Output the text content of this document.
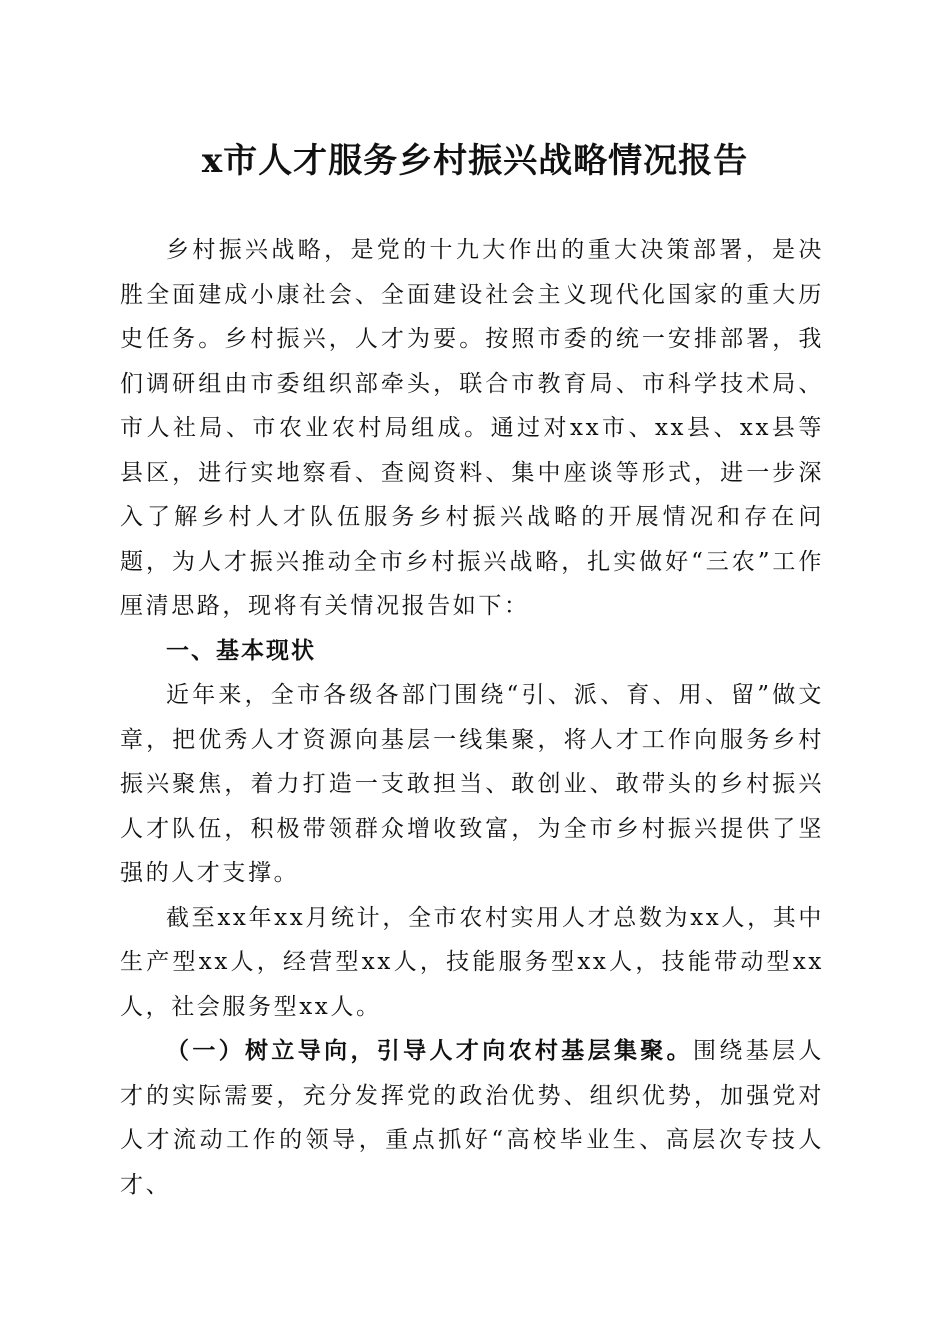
x市人才服务乡村振兴战略情况报告

乡村振兴战略，是党的十九大作出的重大决策部署，是决胜全面建成小康社会、全面建设社会主义现代化国家的重大历史任务。乡村振兴，人才为要。按照市委的统一安排部署，我们调研组由市委组织部牵头，联合市教育局、市科学技术局、市人社局、市农业农村局组成。通过对xx市、xx县、xx县等县区，进行实地察看、查阅资料、集中座谈等形式，进一步深入了解乡村人才队伍服务乡村振兴战略的开展情况和存在问题，为人才振兴推动全市乡村振兴战略，扎实做好“三农”工作厘清思路，现将有关情况报告如下：

一、基本现状

近年来，全市各级各部门围绕“引、派、育、用、留”做文章，把优秀人才资源向基层一线集聚，将人才工作向服务乡村振兴聚焦，着力打造一支敢担当、敢创业、敢带头的乡村振兴人才队伍，积极带领群众增收致富，为全市乡村振兴提供了坚强的人才支撑。

截至xx年xx月统计，全市农村实用人才总数为xx人，其中生产型xx人，经营型xx人，技能服务型xx人，技能带动型xx人，社会服务型xx人。

（一）树立导向，引导人才向农村基层集聚。围绕基层人才的实际需要，充分发挥党的政治优势、组织优势，加强党对人才流动工作的领导，重点抓好“高校毕业生、高层次专技人才、
